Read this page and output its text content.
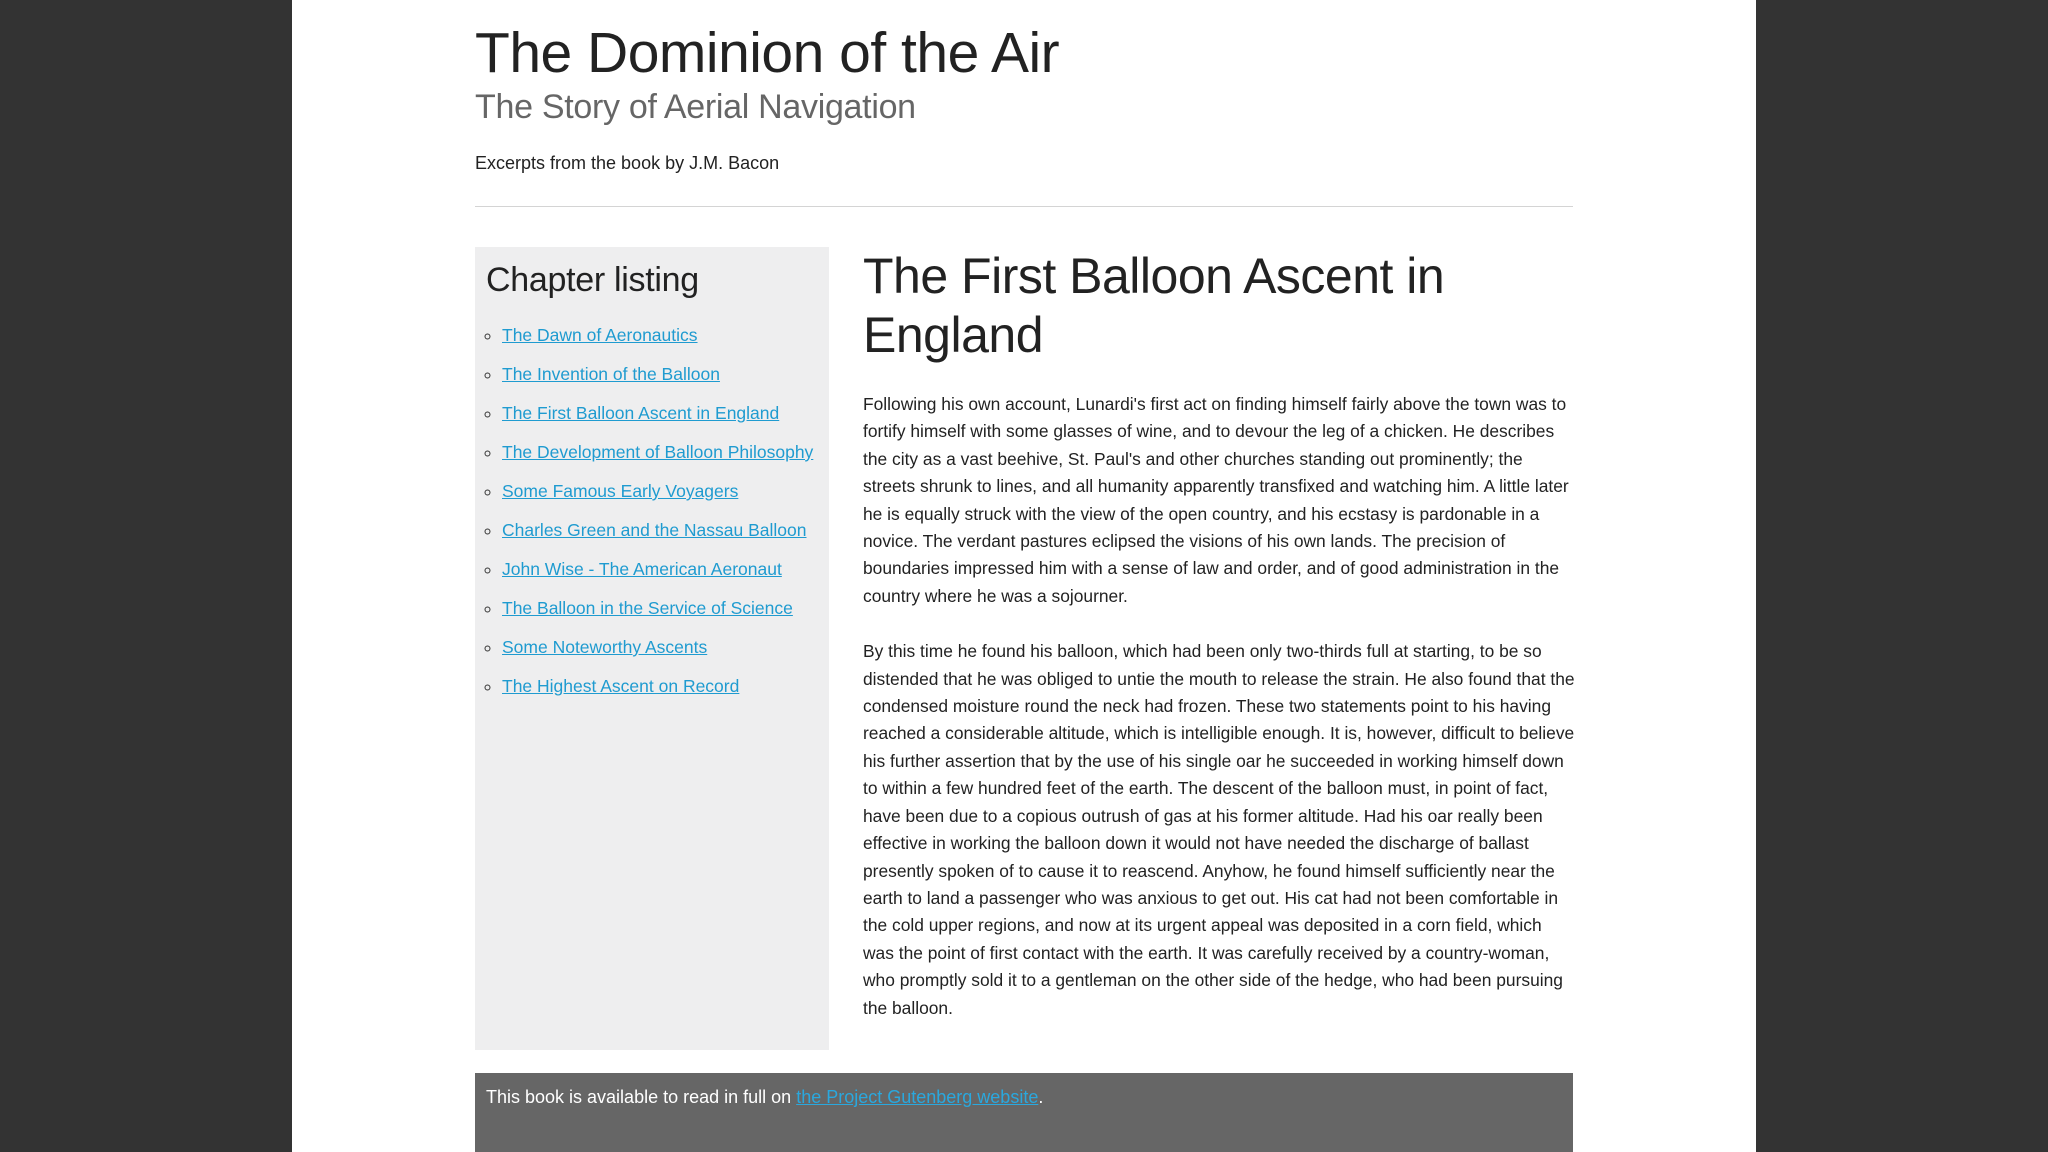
The Dominion of the Air
The Story of Aerial Navigation

Excerpts from the book by J.M. Bacon

Chapter listing
◦ The Dawn of Aeronautics
◦ The Invention of the Balloon
◦ The First Balloon Ascent in England
◦ The Development of Balloon Philosophy
◦ Some Famous Early Voyagers
◦ Charles Green and the Nassau Balloon
◦ John Wise - The American Aeronaut
◦ The Balloon in the Service of Science
◦ Some Noteworthy Ascents
◦ The Highest Ascent on Record
The First Balloon Ascent in England

Following his own account, Lunardi's first act on finding himself fairly above the town was to fortify himself with some glasses of wine, and to devour the leg of a chicken. He describes the city as a vast beehive, St. Paul's and other churches standing out prominently; the streets shrunk to lines, and all humanity apparently transfixed and watching him. A little later he is equally struck with the view of the open country, and his ecstasy is pardonable in a novice. The verdant pastures eclipsed the visions of his own lands. The precision of boundaries impressed him with a sense of law and order, and of good administration in the country where he was a sojourner.

By this time he found his balloon, which had been only two-thirds full at starting, to be so distended that he was obliged to untie the mouth to release the strain. He also found that the condensed moisture round the neck had frozen. These two statements point to his having reached a considerable altitude, which is intelligible enough. It is, however, difficult to believe his further assertion that by the use of his single oar he succeeded in working himself down to within a few hundred feet of the earth. The descent of the balloon must, in point of fact, have been due to a copious outrush of gas at his former altitude. Had his oar really been effective in working the balloon down it would not have needed the discharge of ballast presently spoken of to cause it to reascend. Anyhow, he found himself sufficiently near the earth to land a passenger who was anxious to get out. His cat had not been comfortable in the cold upper regions, and now at its urgent appeal was deposited in a corn field, which was the point of first contact with the earth. It was carefully received by a country-woman, who promptly sold it to a gentleman on the other side of the hedge, who had been pursuing the balloon.

This book is available to read in full on the Project Gutenberg website.
